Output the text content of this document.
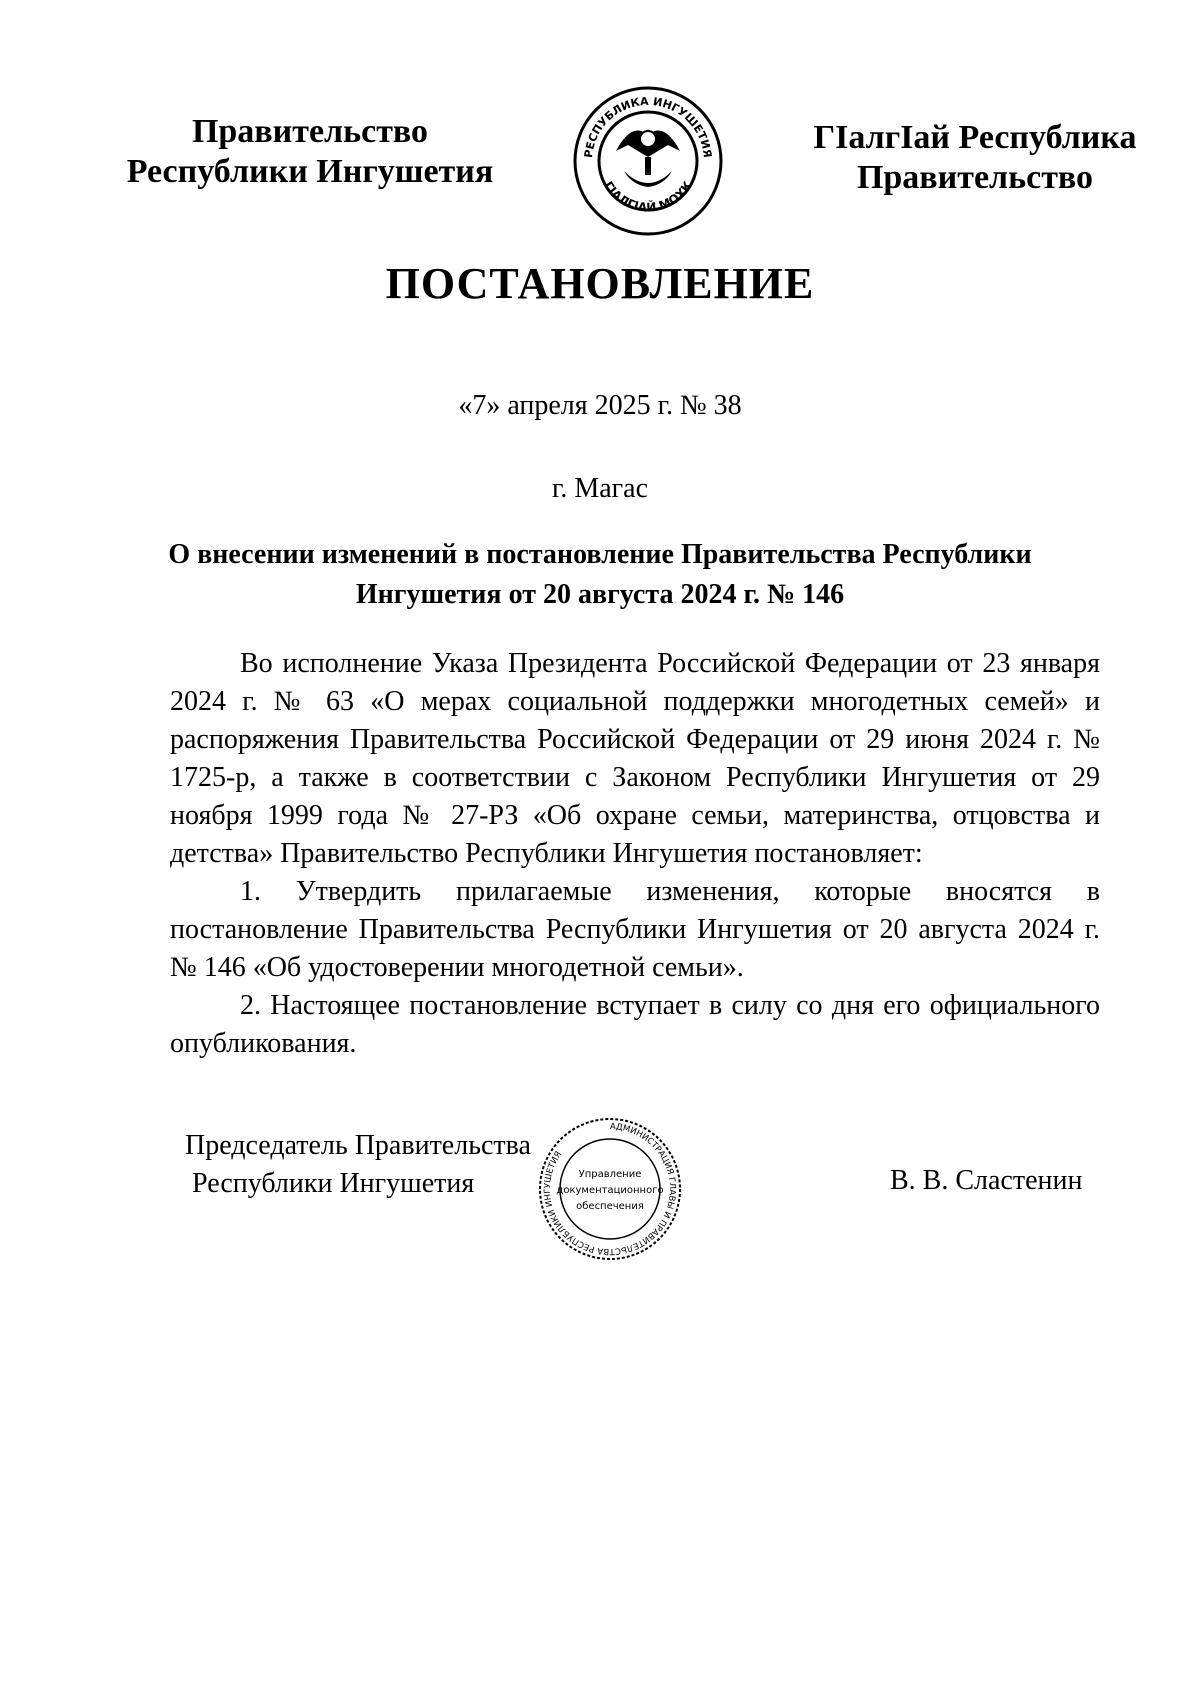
Правительство
Республики Ингушетия	РЕСПУБЛИКА ИНГУШЕТИЯ
ГIАЛГIАЙ МОХК
ГIалгIай Республика
Правительство
ПОСТАНОВЛЕНИЕ
«7» апреля 2025 г. № 38
г. Магас
О внесении изменений в постановление Правительства Республики
Ингушетия от 20 августа 2024 г. № 146

Во исполнение Указа Президента Российской Федерации от 23 января 2024 г. № 63 «О мерах социальной поддержки многодетных семей» и распоряжения Правительства Российской Федерации от 29 июня 2024 г. № 1725-р, а также в соответствии с Законом Республики Ингушетия от 29 ноября 1999 года № 27-РЗ «Об охране семьи, материнства, отцовства и детства» Правительство Республики Ингушетия постановляет:

1. Утвердить прилагаемые изменения, которые вносятся в постановление Правительства Республики Ингушетия от 20 августа 2024 г. № 146 «Об удостоверении многодетной семьи».

2. Настоящее постановление вступает в силу со дня его официального опубликования.

Председатель Правительства
Республики Ингушетия
АДМИНИСТРАЦИЯ ГЛАВЫ И ПРАВИТЕЛЬСТВА РЕСПУБЛИКИ ИНГУШЕТИЯ
Управление
документационного
обеспечения
В. В. Сластенин
